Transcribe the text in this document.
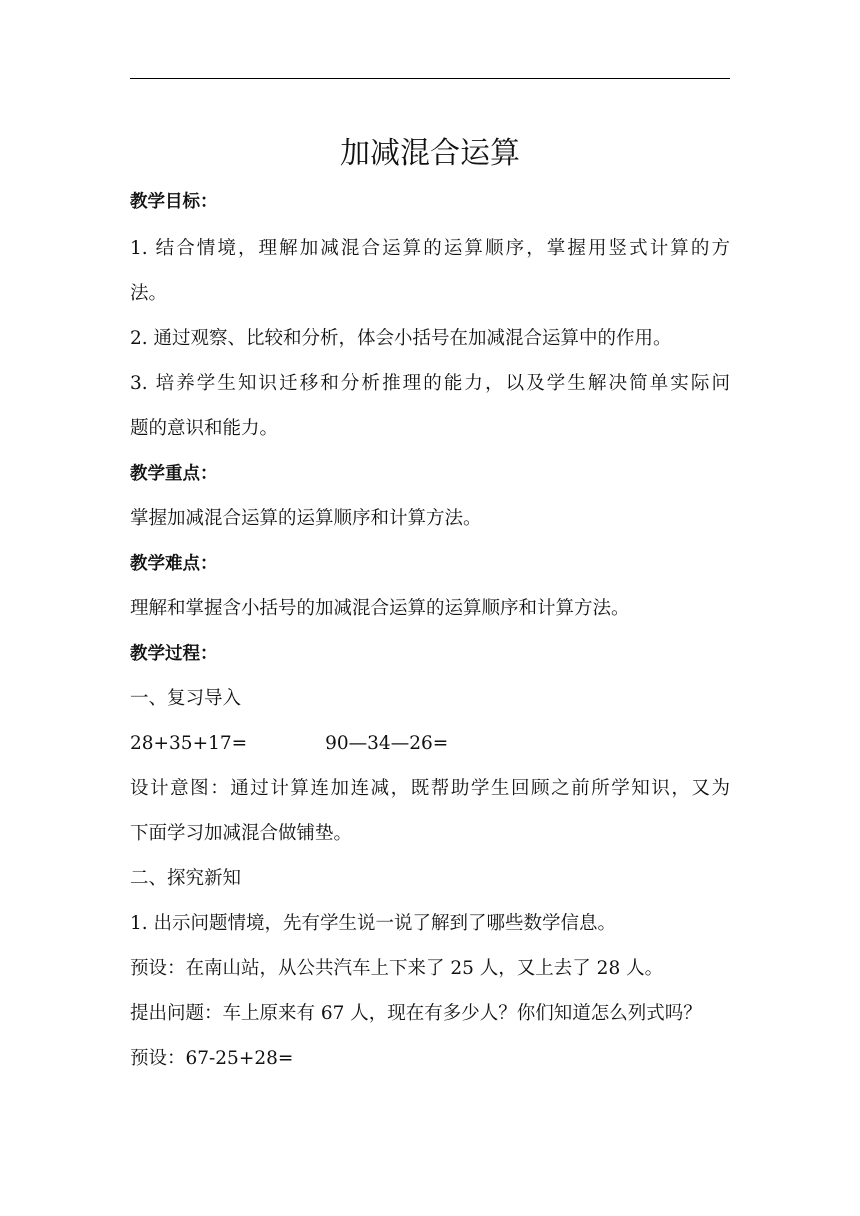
加减混合运算

教学目标：

1. 结合情境，理解加减混合运算的运算顺序，掌握用竖式计算的方

法。

2. 通过观察、比较和分析，体会小括号在加减混合运算中的作用。

3. 培养学生知识迁移和分析推理的能力，以及学生解决简单实际问

题的意识和能力。

教学重点：

掌握加减混合运算的运算顺序和计算方法。

教学难点：

理解和掌握含小括号的加减混合运算的运算顺序和计算方法。

教学过程：

一、复习导入

28+35+17=	90—34—26=

设计意图：通过计算连加连减，既帮助学生回顾之前所学知识，又为

下面学习加减混合做铺垫。

二、探究新知

1. 出示问题情境，先有学生说一说了解到了哪些数学信息。

预设：在南山站，从公共汽车上下来了 25 人，又上去了 28 人。

提出问题：车上原来有 67 人，现在有多少人？你们知道怎么列式吗？

预设：67-25+28=
